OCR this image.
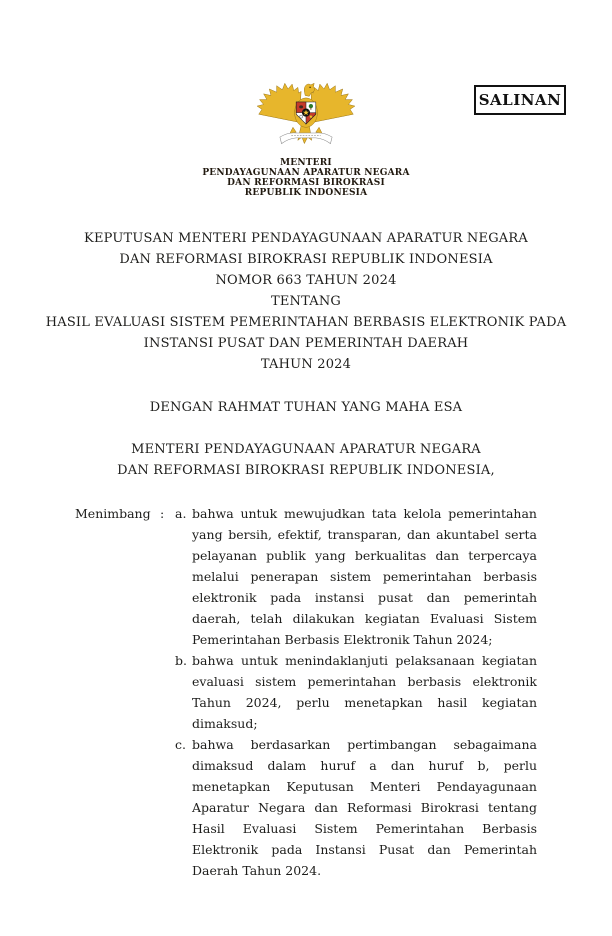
SALINAN
MENTERI
PENDAYAGUNAAN APARATUR NEGARA
DAN REFORMASI BIROKRASI
REPUBLIK INDONESIA
KEPUTUSAN MENTERI PENDAYAGUNAAN APARATUR NEGARA
DAN REFORMASI BIROKRASI REPUBLIK INDONESIA
NOMOR 663 TAHUN 2024
TENTANG
HASIL EVALUASI SISTEM PEMERINTAHAN BERBASIS ELEKTRONIK PADA
INSTANSI PUSAT DAN PEMERINTAH DAERAH
TAHUN 2024
DENGAN RAHMAT TUHAN YANG MAHA ESA
MENTERI PENDAYAGUNAAN APARATUR NEGARA
DAN REFORMASI BIROKRASI REPUBLIK INDONESIA,
Menimbang : a. bahwa untuk mewujudkan tata kelola pemerintahan yang bersih, efektif, transparan, dan akuntabel serta pelayanan publik yang berkualitas dan terpercaya melalui penerapan sistem pemerintahan berbasis elektronik pada instansi pusat dan pemerintah daerah, telah dilakukan kegiatan Evaluasi Sistem Pemerintahan Berbasis Elektronik Tahun 2024;
b. bahwa untuk menindaklanjuti pelaksanaan kegiatan evaluasi sistem pemerintahan berbasis elektronik Tahun 2024, perlu menetapkan hasil kegiatan dimaksud;
c. bahwa berdasarkan pertimbangan sebagaimana dimaksud dalam huruf a dan huruf b, perlu menetapkan Keputusan Menteri Pendayagunaan Aparatur Negara dan Reformasi Birokrasi tentang Hasil Evaluasi Sistem Pemerintahan Berbasis Elektronik pada Instansi Pusat dan Pemerintah Daerah Tahun 2024.
